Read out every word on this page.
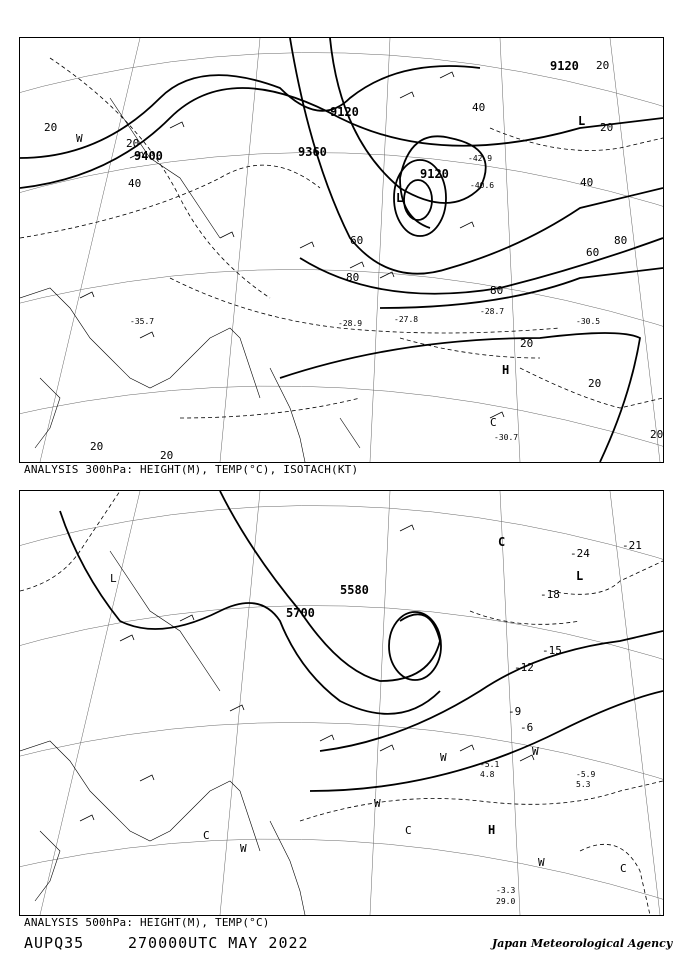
9120
9360
9400
9120
9120
20
20
40
40
60
80
80
20
40
60
80
20
20
20
20
20
20
-30.7
-28.7
-27.8	-30.5
-28.9
-42.9
-40.6
-35.7
L
L
H
C
W
ANALYSIS 300hPa: HEIGHT(M), TEMP(°C), ISOTACH(KT)
5580
5700
-21
-18
-15
-12
-9
-6
-24
-3.3
-5.1
-5.9
29.0
4.8
5.3
L
L
C
H
C	C
C
W
W
W	W
W
ANALYSIS 500hPa: HEIGHT(M), TEMP(°C)
AUPQ35	270000UTC MAY 2022	Japan Meteorological Agency
